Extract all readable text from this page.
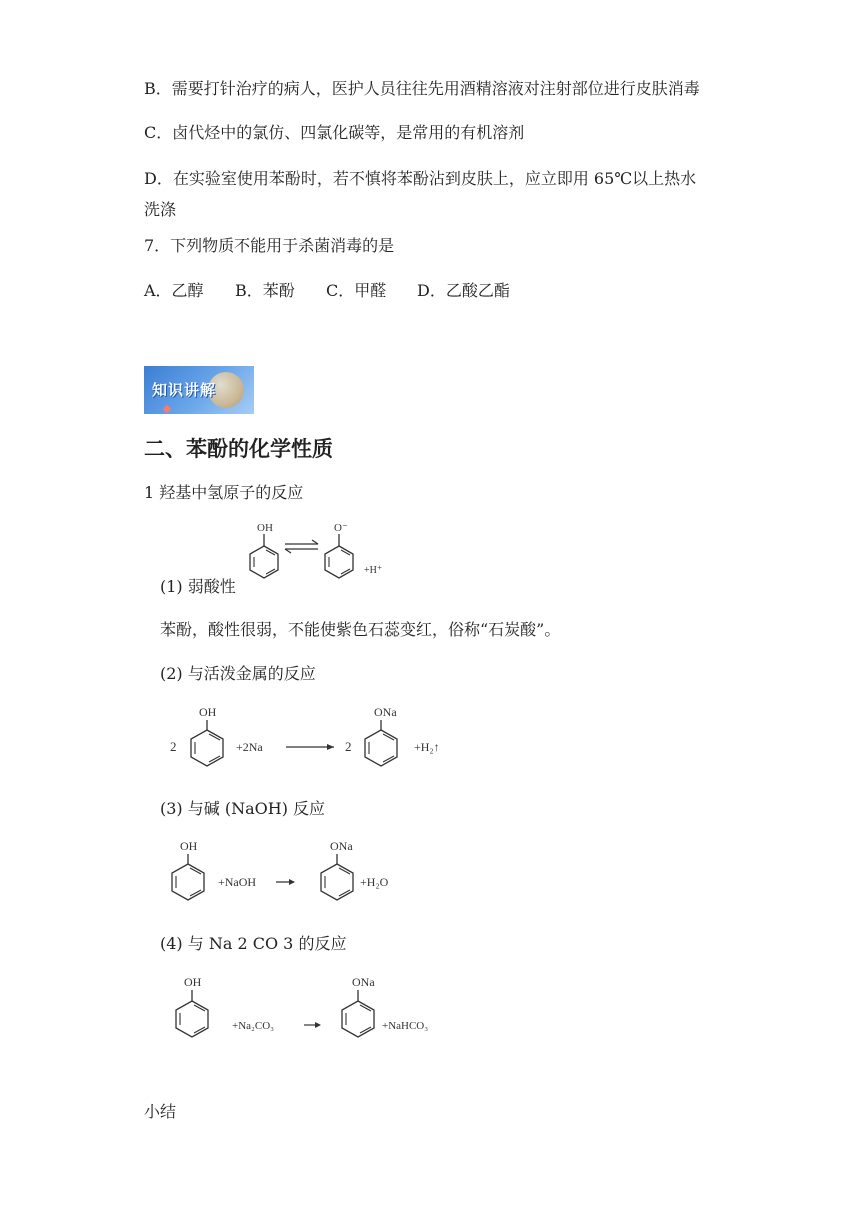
B．需要打针治疗的病人，医护人员往往先用酒精溶液对注射部位进行皮肤消毒
C．卤代烃中的氯仿、四氯化碳等，是常用的有机溶剂
D．在实验室使用苯酚时，若不慎将苯酚沾到皮肤上，应立即用 65℃以上热水
洗涤
7．下列物质不能用于杀菌消毒的是
A．乙醇 B．苯酚 C．甲醛 D．乙酸乙酯
知识讲解
二、苯酚的化学性质
1 羟基中氢原子的反应
(1) 弱酸性
OH	O⁻
+H⁺
苯酚，酸性很弱，不能使紫色石蕊变红，俗称“石炭酸”。
(2) 与活泼金属的反应
2
OH
+2Na	2
ONa
+H₂↑
(3) 与碱 (NaOH) 反应
OH
+NaOH
ONa
+H₂O
(4) 与 Na 2 CO 3 的反应
OH
+Na₂CO₃
ONa
+NaHCO₃
小结
